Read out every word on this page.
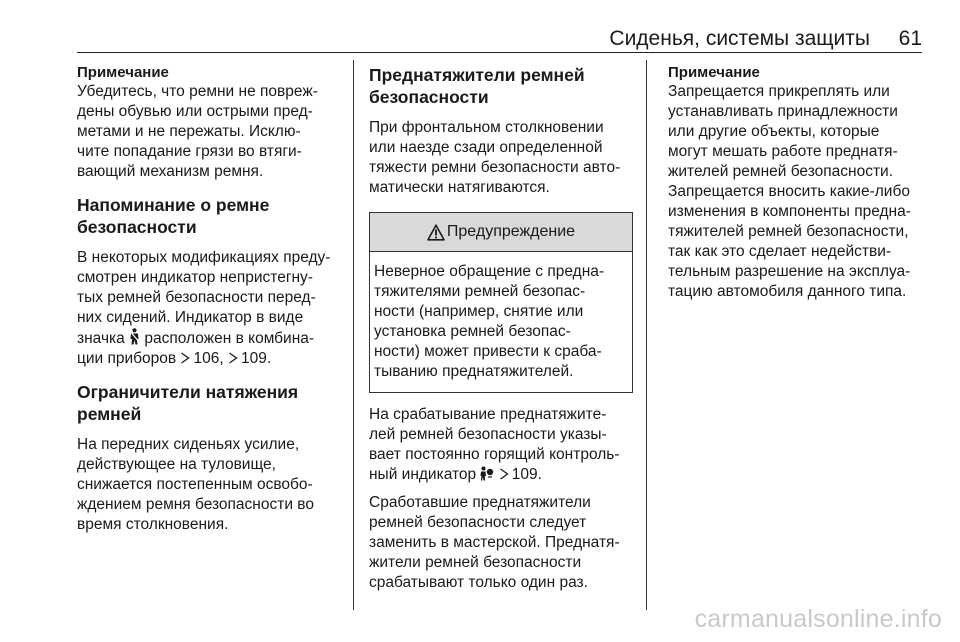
Сиденья, системы защиты 61
Примечание

Убедитесь, что ремни не повреж-

дены обувью или острыми пред-

метами и не пережаты. Исклю-

чите попадание грязи во втяги-

вающий механизм ремня.

Напоминание о ремне
безопасности

В некоторых модификациях преду-

смотрен индикатор непристегну-

тых ремней безопасности перед-

них сидений. Индикатор в виде

значка расположен в комбина-

ции приборов 106, 109.

Ограничители натяжения
ремней

На передних сиденьях усилие,

действующее на туловище,

снижается постепенным освобо-

ждением ремня безопасности во

время столкновения.

Преднатяжители ремней
безопасности

При фронтальном столкновении

или наезде сзади определенной

тяжести ремни безопасности авто-

матически натягиваются.

Предупреждение

Неверное обращение с предна-

тяжителями ремней безопас-

ности (например, снятие или

установка ремней безопас-

ности) может привести к сраба-

тыванию преднатяжителей.

На срабатывание преднатяжите-

лей ремней безопасности указы-

вает постоянно горящий контроль-

ный индикатор 109.

Сработавшие преднатяжители

ремней безопасности следует

заменить в мастерской. Преднатя-

жители ремней безопасности

срабатывают только один раз.

Примечание

Запрещается прикреплять или

устанавливать принадлежности

или другие объекты, которые

могут мешать работе преднатя-

жителей ремней безопасности.

Запрещается вносить какие-либо

изменения в компоненты предна-

тяжителей ремней безопасности,

так как это сделает недействи-

тельным разрешение на эксплуа-

тацию автомобиля данного типа.

carmanualsonline.info
